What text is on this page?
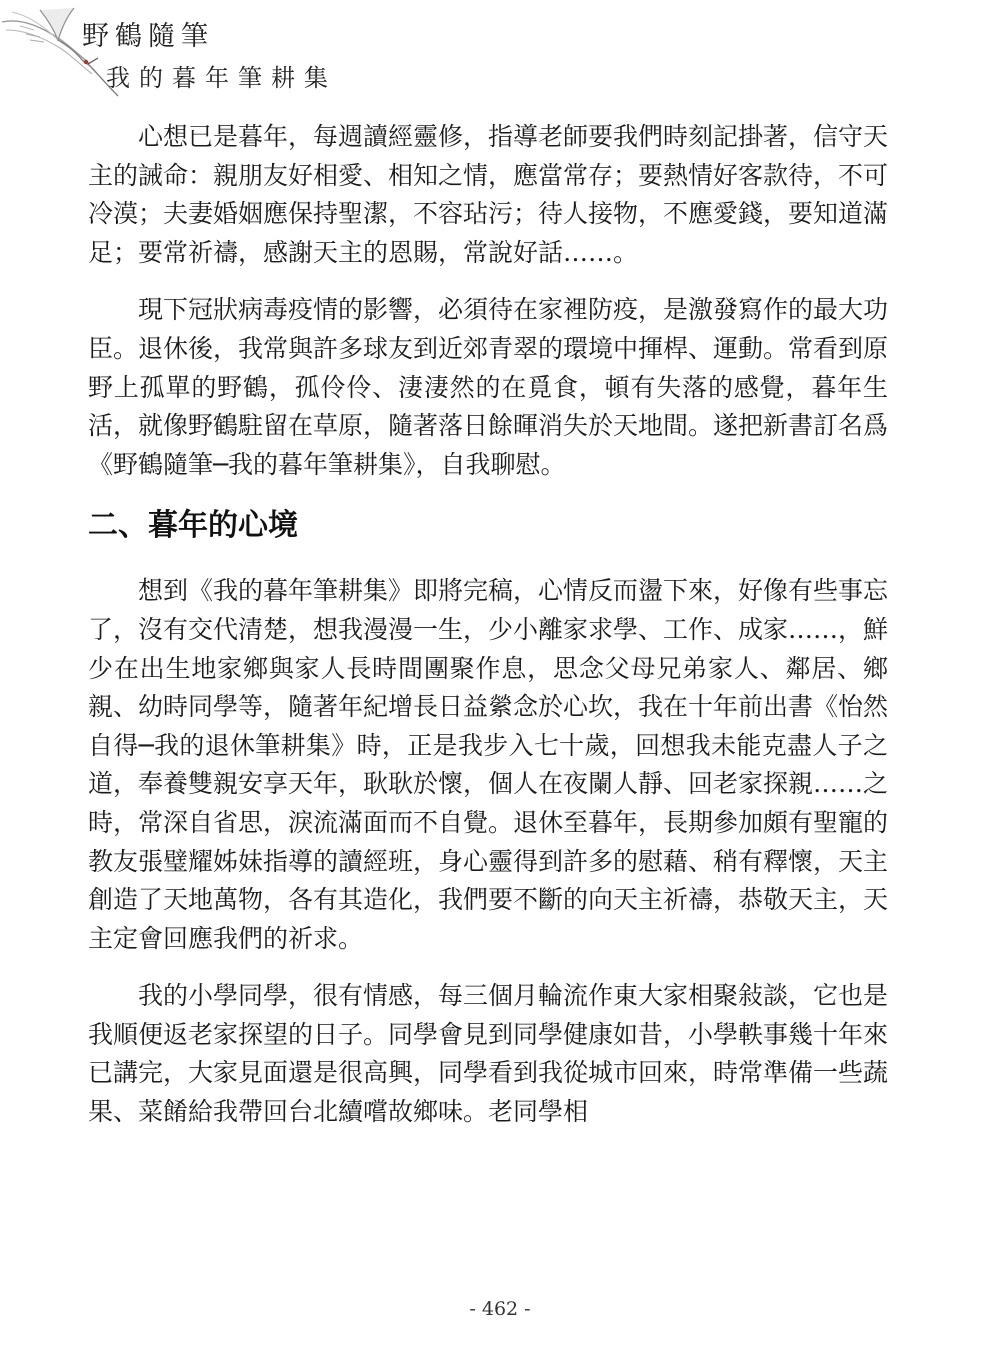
野鶴隨筆
我的暮年筆耕集

心想已是暮年，每週讀經靈修，指導老師要我們時刻記掛著，信守天主的誡命：親朋友好相愛、相知之情，應當常存；要熱情好客款待，不可冷漠；夫妻婚姻應保持聖潔，不容玷污；待人接物，不應愛錢，要知道滿足；要常祈禱，感謝天主的恩賜，常說好話……。

現下冠狀病毒疫情的影響，必須待在家裡防疫，是激發寫作的最大功臣。退休後，我常與許多球友到近郊青翠的環境中揮桿、運動。常看到原野上孤單的野鶴，孤伶伶、淒淒然的在覓食，頓有失落的感覺，暮年生活，就像野鶴駐留在草原，隨著落日餘暉消失於天地間。遂把新書訂名爲《野鶴隨筆─我的暮年筆耕集》，自我聊慰。

二、暮年的心境

想到《我的暮年筆耕集》即將完稿，心情反而盪下來，好像有些事忘了，沒有交代清楚，想我漫漫一生，少小離家求學、工作、成家……，鮮少在出生地家鄉與家人長時間團聚作息，思念父母兄弟家人、鄰居、鄉親、幼時同學等，隨著年紀增長日益縈念於心坎，我在十年前出書《怡然自得─我的退休筆耕集》時，正是我步入七十歲，回想我未能克盡人子之道，奉養雙親安享天年，耿耿於懷，個人在夜闌人靜、回老家探親……之時，常深自省思，淚流滿面而不自覺。退休至暮年，長期參加頗有聖寵的教友張璧耀姊妹指導的讀經班，身心靈得到許多的慰藉、稍有釋懷，天主創造了天地萬物，各有其造化，我們要不斷的向天主祈禱，恭敬天主，天主定會回應我們的祈求。

我的小學同學，很有情感，每三個月輪流作東大家相聚敍談，它也是我順便返老家探望的日子。同學會見到同學健康如昔，小學軼事幾十年來已講完，大家見面還是很高興，同學看到我從城市回來，時常準備一些蔬果、菜餚給我帶回台北續嚐故鄉味。老同學相

- 462 -
